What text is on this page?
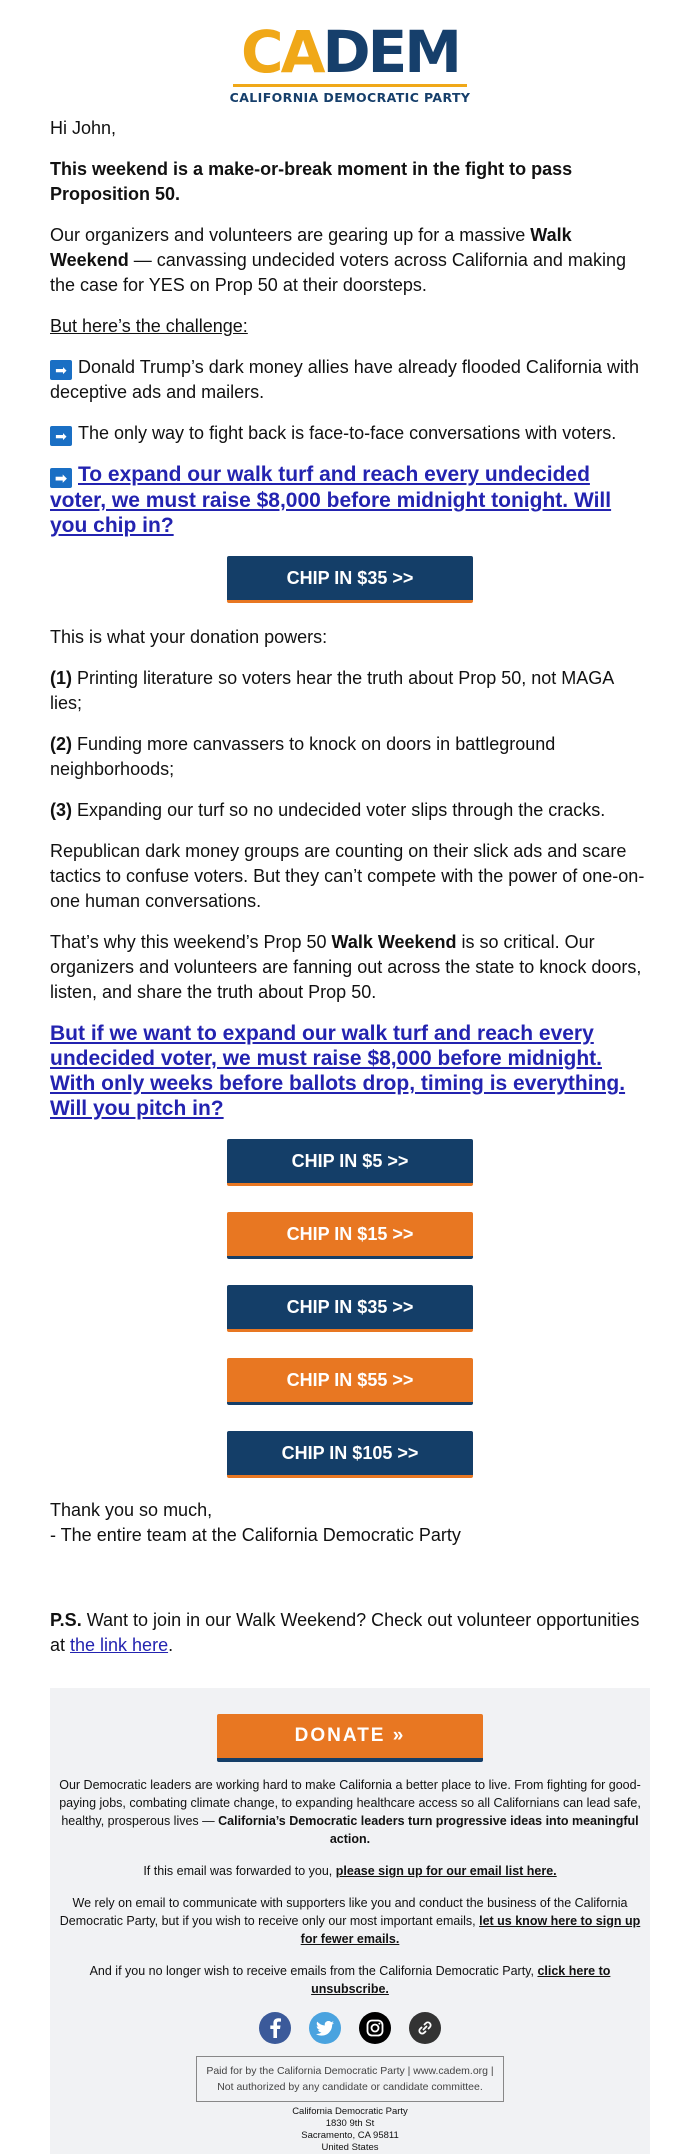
CADEM
CALIFORNIA DEMOCRATIC PARTY

Hi John,

This weekend is a make-or-break moment in the fight to pass Proposition 50.

Our organizers and volunteers are gearing up for a massive Walk Weekend — canvassing undecided voters across California and making the case for YES on Prop 50 at their doorsteps.

But here’s the challenge:

➡ Donald Trump’s dark money allies have already flooded California with deceptive ads and mailers.

➡ The only way to fight back is face-to-face conversations with voters.

➡ To expand our walk turf and reach every undecided voter, we must raise $8,000 before midnight tonight. Will you chip in?
CHIP IN $35 >>

This is what your donation powers:

(1) Printing literature so voters hear the truth about Prop 50, not MAGA lies;

(2) Funding more canvassers to knock on doors in battleground neighborhoods;

(3) Expanding our turf so no undecided voter slips through the cracks.

Republican dark money groups are counting on their slick ads and scare tactics to confuse voters. But they can’t compete with the power of one-on-one human conversations.

That’s why this weekend’s Prop 50 Walk Weekend is so critical. Our organizers and volunteers are fanning out across the state to knock doors, listen, and share the truth about Prop 50.

But if we want to expand our walk turf and reach every undecided voter, we must raise $8,000 before midnight. With only weeks before ballots drop, timing is everything. Will you pitch in?
CHIP IN $5 >>
CHIP IN $15 >>
CHIP IN $35 >>
CHIP IN $55 >>
CHIP IN $105 >>

Thank you so much,
- The entire team at the California Democratic Party

P.S. Want to join in our Walk Weekend? Check out volunteer opportunities at the link here.

DONATE »

Our Democratic leaders are working hard to make California a better place to live. From fighting for good-paying jobs, combating climate change, to expanding healthcare access so all Californians can lead safe, healthy, prosperous lives — California’s Democratic leaders turn progressive ideas into meaningful action.

If this email was forwarded to you, please sign up for our email list here.

We rely on email to communicate with supporters like you and conduct the business of the California Democratic Party, but if you wish to receive only our most important emails, let us know here to sign up for fewer emails.

And if you no longer wish to receive emails from the California Democratic Party, click here to unsubscribe.

Paid for by the California Democratic Party | www.cadem.org |
Not authorized by any candidate or candidate committee.
California Democratic Party
1830 9th St
Sacramento, CA 95811
United States
